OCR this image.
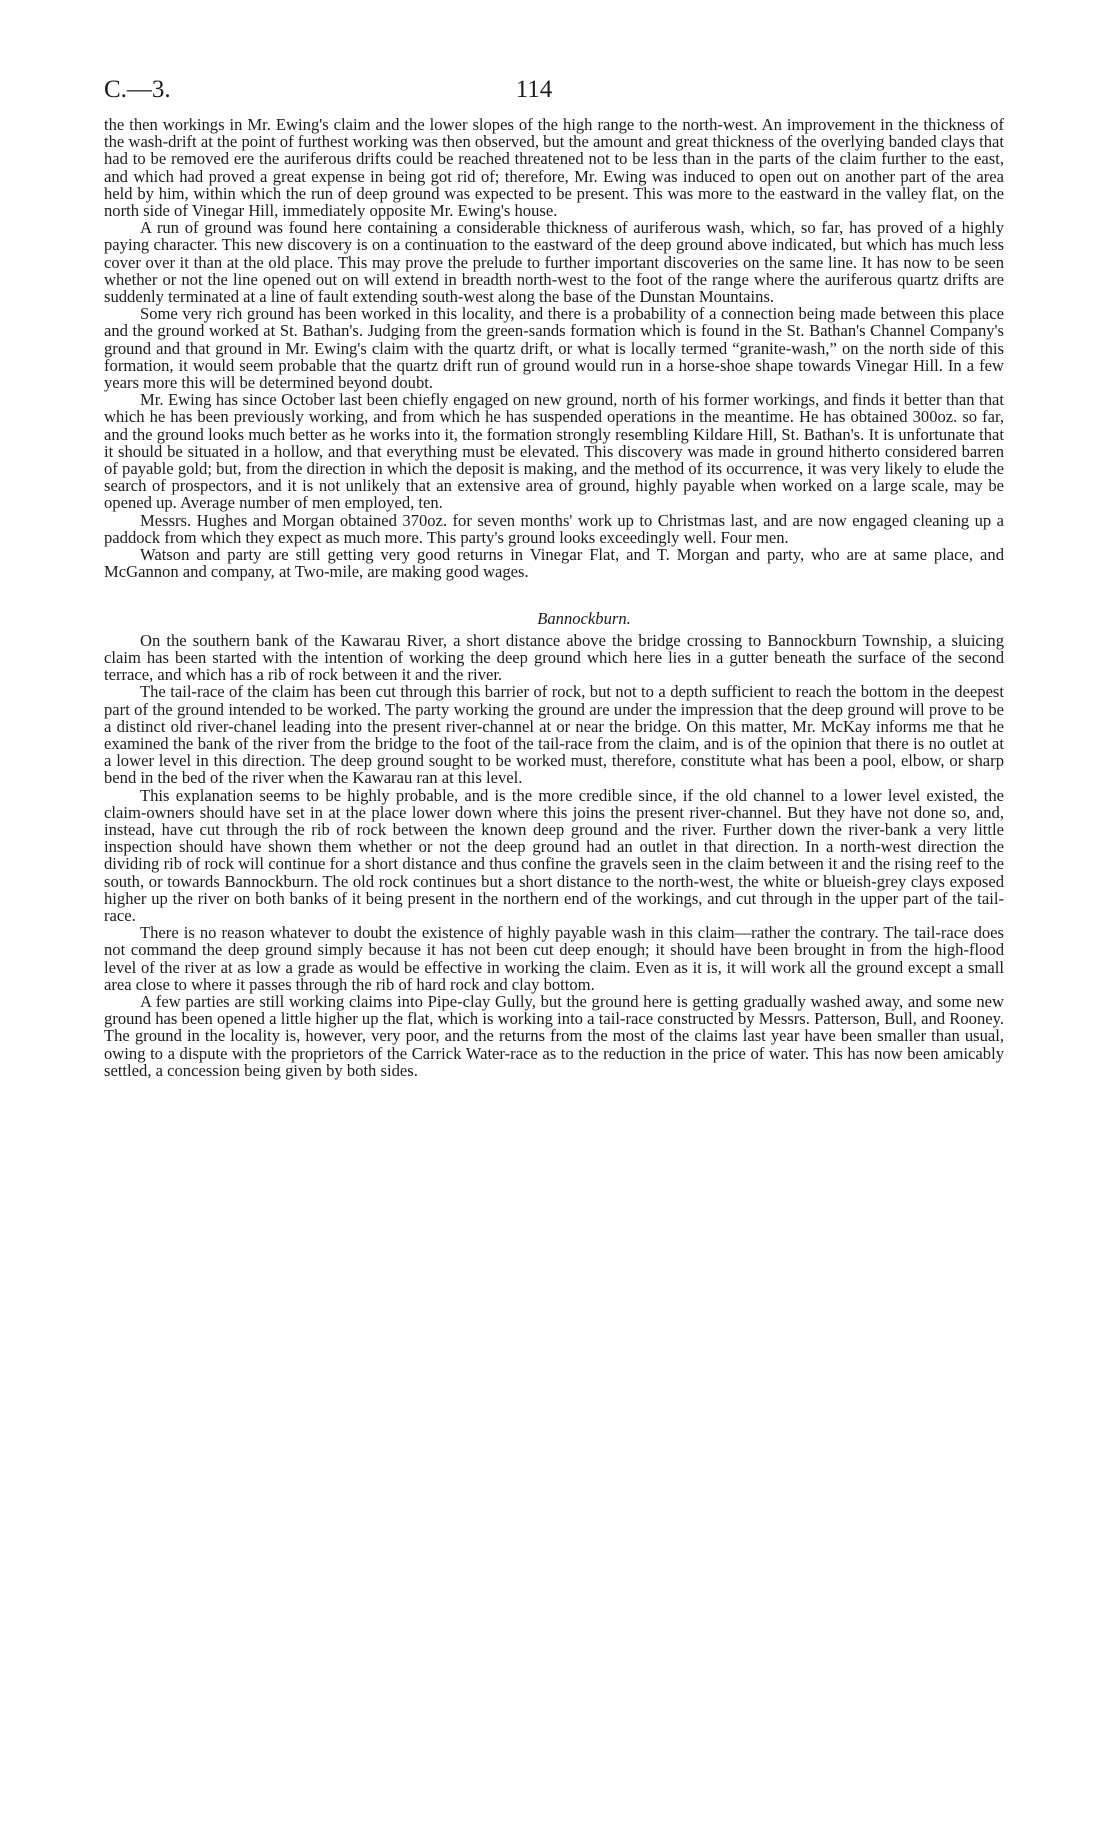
C.—3.	114

the then workings in Mr. Ewing's claim and the lower slopes of the high range to the north-west. An improvement in the thickness of the wash-drift at the point of furthest working was then observed, but the amount and great thickness of the overlying banded clays that had to be removed ere the auriferous drifts could be reached threatened not to be less than in the parts of the claim further to the east, and which had proved a great expense in being got rid of; therefore, Mr. Ewing was induced to open out on another part of the area held by him, within which the run of deep ground was expected to be present. This was more to the eastward in the valley flat, on the north side of Vinegar Hill, immediately opposite Mr. Ewing's house.

A run of ground was found here containing a considerable thickness of auriferous wash, which, so far, has proved of a highly paying character. This new discovery is on a continuation to the eastward of the deep ground above indicated, but which has much less cover over it than at the old place. This may prove the prelude to further important discoveries on the same line. It has now to be seen whether or not the line opened out on will extend in breadth north-west to the foot of the range where the auriferous quartz drifts are suddenly terminated at a line of fault extending south-west along the base of the Dunstan Mountains.

Some very rich ground has been worked in this locality, and there is a probability of a connection being made between this place and the ground worked at St. Bathan's. Judging from the green-sands formation which is found in the St. Bathan's Channel Company's ground and that ground in Mr. Ewing's claim with the quartz drift, or what is locally termed “granite-wash,” on the north side of this formation, it would seem probable that the quartz drift run of ground would run in a horse-shoe shape towards Vinegar Hill. In a few years more this will be determined beyond doubt.

Mr. Ewing has since October last been chiefly engaged on new ground, north of his former workings, and finds it better than that which he has been previously working, and from which he has suspended operations in the meantime. He has obtained 300oz. so far, and the ground looks much better as he works into it, the formation strongly resembling Kildare Hill, St. Bathan's. It is unfortunate that it should be situated in a hollow, and that everything must be elevated. This discovery was made in ground hitherto considered barren of payable gold; but, from the direction in which the deposit is making, and the method of its occurrence, it was very likely to elude the search of prospectors, and it is not unlikely that an extensive area of ground, highly payable when worked on a large scale, may be opened up. Average number of men employed, ten.

Messrs. Hughes and Morgan obtained 370oz. for seven months' work up to Christmas last, and are now engaged cleaning up a paddock from which they expect as much more. This party's ground looks exceedingly well. Four men.

Watson and party are still getting very good returns in Vinegar Flat, and T. Morgan and party, who are at same place, and McGannon and company, at Two-mile, are making good wages.

Bannockburn.

On the southern bank of the Kawarau River, a short distance above the bridge crossing to Bannockburn Township, a sluicing claim has been started with the intention of working the deep ground which here lies in a gutter beneath the surface of the second terrace, and which has a rib of rock between it and the river.

The tail-race of the claim has been cut through this barrier of rock, but not to a depth sufficient to reach the bottom in the deepest part of the ground intended to be worked. The party working the ground are under the impression that the deep ground will prove to be a distinct old river-chanel leading into the present river-channel at or near the bridge. On this matter, Mr. McKay informs me that he examined the bank of the river from the bridge to the foot of the tail-race from the claim, and is of the opinion that there is no outlet at a lower level in this direction. The deep ground sought to be worked must, therefore, constitute what has been a pool, elbow, or sharp bend in the bed of the river when the Kawarau ran at this level.

This explanation seems to be highly probable, and is the more credible since, if the old channel to a lower level existed, the claim-owners should have set in at the place lower down where this joins the present river-channel. But they have not done so, and, instead, have cut through the rib of rock between the known deep ground and the river. Further down the river-bank a very little inspection should have shown them whether or not the deep ground had an outlet in that direction. In a north-west direction the dividing rib of rock will continue for a short distance and thus confine the gravels seen in the claim between it and the rising reef to the south, or towards Bannockburn. The old rock continues but a short distance to the north-west, the white or blueish-grey clays exposed higher up the river on both banks of it being present in the northern end of the workings, and cut through in the upper part of the tail-race.

There is no reason whatever to doubt the existence of highly payable wash in this claim—rather the contrary. The tail-race does not command the deep ground simply because it has not been cut deep enough; it should have been brought in from the high-flood level of the river at as low a grade as would be effective in working the claim. Even as it is, it will work all the ground except a small area close to where it passes through the rib of hard rock and clay bottom.

A few parties are still working claims into Pipe-clay Gully, but the ground here is getting gradually washed away, and some new ground has been opened a little higher up the flat, which is working into a tail-race constructed by Messrs. Patterson, Bull, and Rooney. The ground in the locality is, however, very poor, and the returns from the most of the claims last year have been smaller than usual, owing to a dispute with the proprietors of the Carrick Water-race as to the reduction in the price of water. This has now been amicably settled, a concession being given by both sides.
